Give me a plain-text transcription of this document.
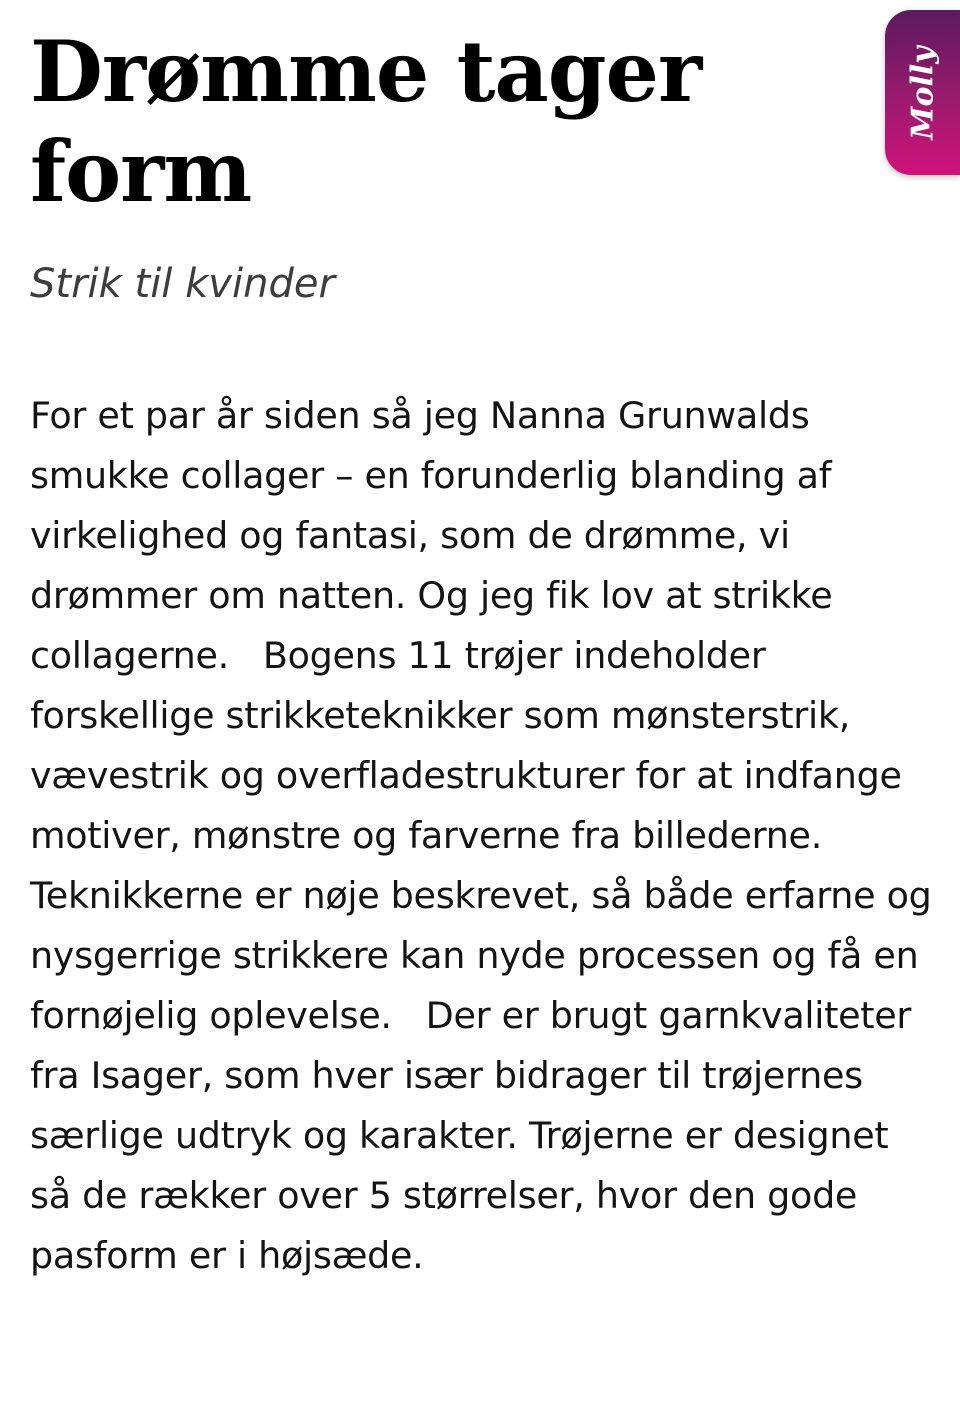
Drømme tager form

Strik til kvinder

For et par år siden så jeg Nanna Grunwalds smukke collager – en forunderlig blanding af virkelighed og fantasi, som de drømme, vi drømmer om natten. Og jeg fik lov at strikke collagerne.   Bogens 11 trøjer indeholder forskellige strikketeknikker som mønsterstrik, vævestrik og overfladestrukturer for at indfange motiver, mønstre og farverne fra billederne. Teknikkerne er nøje beskrevet, så både erfarne og nysgerrige strikkere kan nyde processen og få en fornøjelig oplevelse.   Der er brugt garnkvaliteter fra Isager, som hver især bidrager til trøjernes særlige udtryk og karakter. Trøjerne er designet så de rækker over 5 størrelser, hvor den gode pasform er i højsæde.

Molly
